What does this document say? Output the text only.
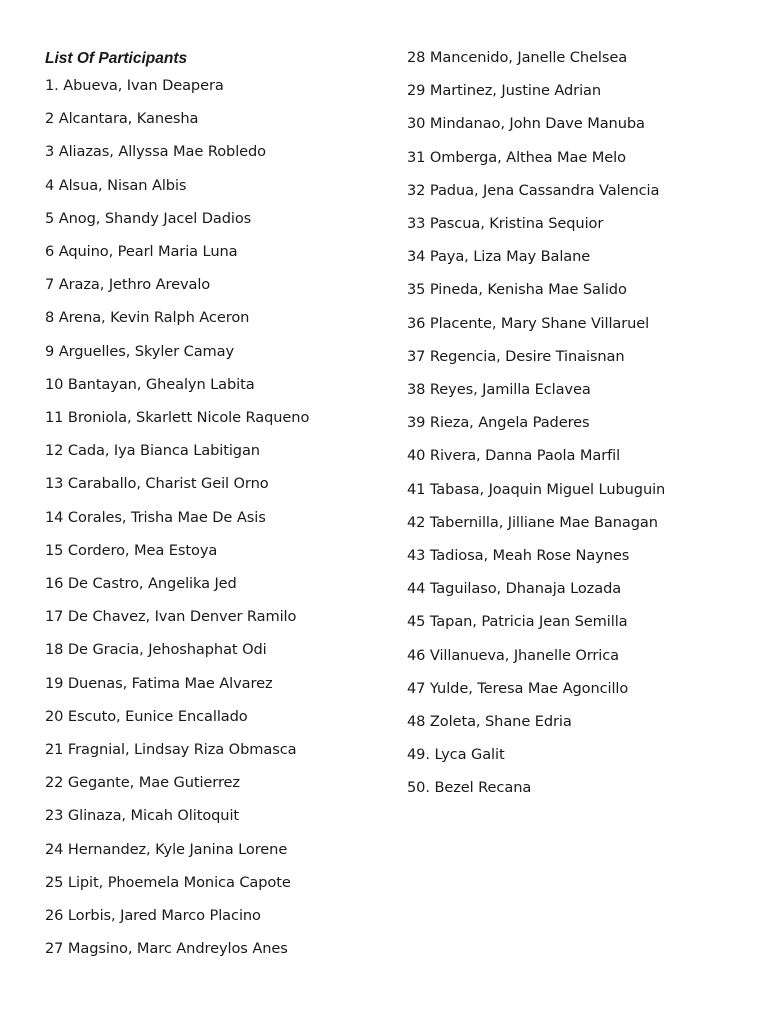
List Of Participants
1. Abueva, Ivan Deapera
2 Alcantara, Kanesha
3 Aliazas, Allyssa Mae Robledo
4 Alsua, Nisan Albis
5 Anog, Shandy Jacel Dadios
6 Aquino, Pearl Maria Luna
7 Araza, Jethro Arevalo
8 Arena, Kevin Ralph Aceron
9 Arguelles, Skyler Camay
10 Bantayan, Ghealyn Labita
11 Broniola, Skarlett Nicole Raqueno
12 Cada, Iya Bianca Labitigan
13 Caraballo, Charist Geil Orno
14 Corales, Trisha Mae De Asis
15 Cordero, Mea Estoya
16 De Castro, Angelika Jed
17 De Chavez, Ivan Denver Ramilo
18 De Gracia, Jehoshaphat Odi
19 Duenas, Fatima Mae Alvarez
20 Escuto, Eunice Encallado
21 Fragnial, Lindsay Riza Obmasca
22 Gegante, Mae Gutierrez
23 Glinaza, Micah Olitoquit
24 Hernandez, Kyle Janina Lorene
25 Lipit, Phoemela Monica Capote
26 Lorbis, Jared Marco Placino
27 Magsino, Marc Andreylos Anes
28 Mancenido, Janelle Chelsea
29 Martinez, Justine Adrian
30 Mindanao, John Dave Manuba
31 Omberga, Althea Mae Melo
32 Padua, Jena Cassandra Valencia
33 Pascua, Kristina Sequior
34 Paya, Liza May Balane
35 Pineda, Kenisha Mae Salido
36 Placente, Mary Shane Villaruel
37 Regencia, Desire Tinaisnan
38 Reyes, Jamilla Eclavea
39 Rieza, Angela Paderes
40 Rivera, Danna Paola Marfil
41 Tabasa, Joaquin Miguel Lubuguin
42 Tabernilla, Jilliane Mae Banagan
43 Tadiosa, Meah Rose Naynes
44 Taguilaso, Dhanaja Lozada
45 Tapan, Patricia Jean Semilla
46 Villanueva, Jhanelle Orrica
47 Yulde, Teresa Mae Agoncillo
48 Zoleta, Shane Edria
49. Lyca Galit
50. Bezel Recana
